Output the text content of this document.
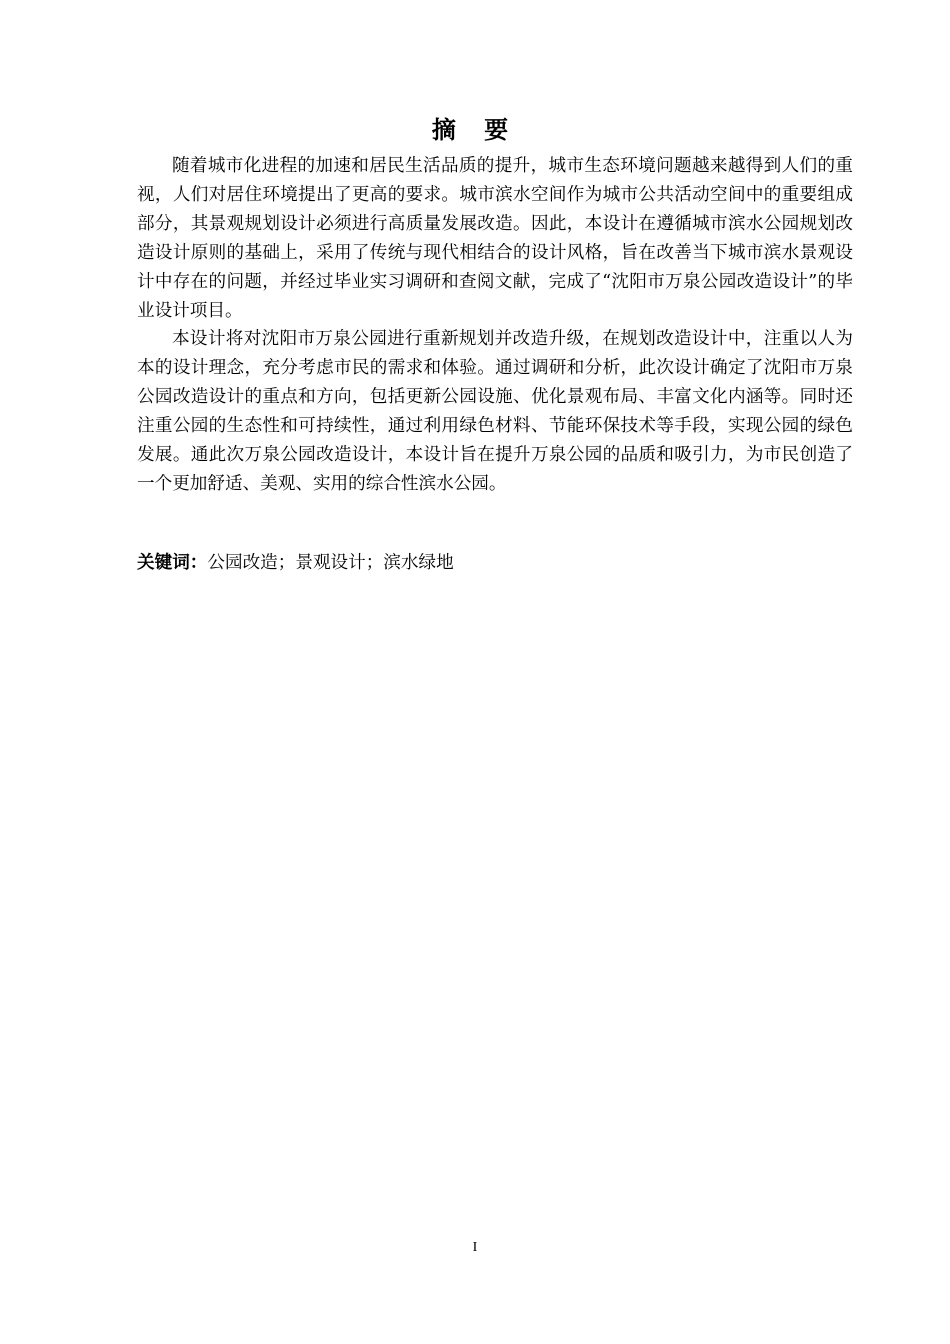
摘 要

随着城市化进程的加速和居民生活品质的提升，城市生态环境问题越来越得到人们的重视，人们对居住环境提出了更高的要求。城市滨水空间作为城市公共活动空间中的重要组成部分，其景观规划设计必须进行高质量发展改造。因此，本设计在遵循城市滨水公园规划改造设计原则的基础上，采用了传统与现代相结合的设计风格，旨在改善当下城市滨水景观设计中存在的问题，并经过毕业实习调研和查阅文献，完成了“沈阳市万泉公园改造设计”的毕业设计项目。

本设计将对沈阳市万泉公园进行重新规划并改造升级，在规划改造设计中，注重以人为本的设计理念，充分考虑市民的需求和体验。通过调研和分析，此次设计确定了沈阳市万泉公园改造设计的重点和方向，包括更新公园设施、优化景观布局、丰富文化内涵等。同时还注重公园的生态性和可持续性，通过利用绿色材料、节能环保技术等手段，实现公园的绿色发展。通此次万泉公园改造设计，本设计旨在提升万泉公园的品质和吸引力，为市民创造了一个更加舒适、美观、实用的综合性滨水公园。

关键词：公园改造；景观设计；滨水绿地
I
